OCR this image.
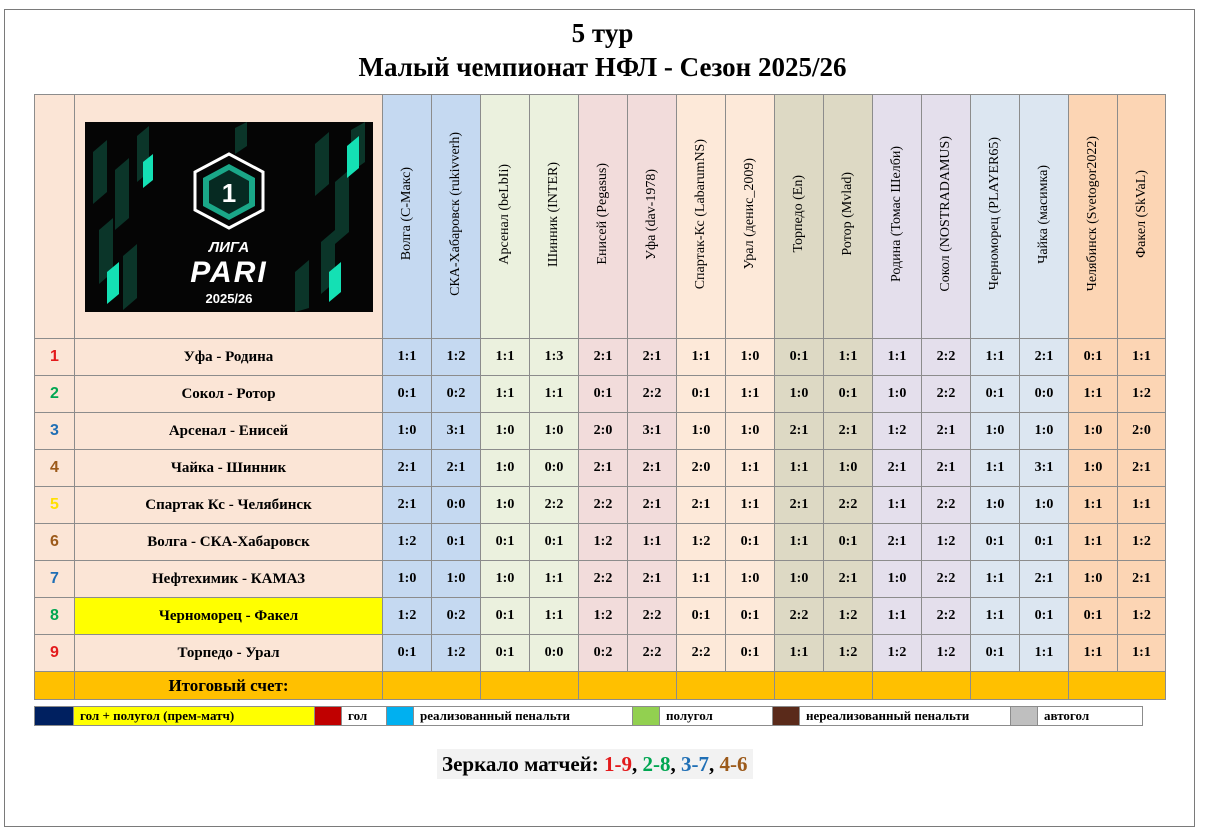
5 тур
Малый чемпионат НФЛ - Сезон 2025/26

1
ЛИГА
PARI
2025/26	Волга (С-Макс)	СКА-Хабаровск (rukivverh)	Арсенал (beLbIi)	Шинник (INTER)	Енисей (Pegasus)	Уфа (dav-1978)	Спартак-Кс (LabarumNS)	Урал (денис_2009)	Торпедо (En)	Ротор (Mvlad)	Родина (Томас Шелби)	Сокол (NOSTRADAMUS)	Черноморец (PLAYER65)	Чайка (масимка)	Челябинск (Svetogor2022)	Факел (SkVaL)
1	Уфа - Родина	1:1	1:2	1:1	1:3	2:1	2:1	1:1	1:0	0:1	1:1	1:1	2:2	1:1	2:1	0:1	1:1
2	Сокол - Ротор	0:1	0:2	1:1	1:1	0:1	2:2	0:1	1:1	1:0	0:1	1:0	2:2	0:1	0:0	1:1	1:2
3	Арсенал - Енисей	1:0	3:1	1:0	1:0	2:0	3:1	1:0	1:0	2:1	2:1	1:2	2:1	1:0	1:0	1:0	2:0
4	Чайка - Шинник	2:1	2:1	1:0	0:0	2:1	2:1	2:0	1:1	1:1	1:0	2:1	2:1	1:1	3:1	1:0	2:1
5	Спартак Кс - Челябинск	2:1	0:0	1:0	2:2	2:2	2:1	2:1	1:1	2:1	2:2	1:1	2:2	1:0	1:0	1:1	1:1
6	Волга - СКА-Хабаровск	1:2	0:1	0:1	0:1	1:2	1:1	1:2	0:1	1:1	0:1	2:1	1:2	0:1	0:1	1:1	1:2
7	Нефтехимик - КАМАЗ	1:0	1:0	1:0	1:1	2:2	2:1	1:1	1:0	1:0	2:1	1:0	2:2	1:1	2:1	1:0	2:1
8	Черноморец - Факел	1:2	0:2	0:1	1:1	1:2	2:2	0:1	0:1	2:2	1:2	1:1	2:2	1:1	0:1	0:1	1:2
9	Торпедо - Урал	0:1	1:2	0:1	0:0	0:2	2:2	2:2	0:1	1:1	1:2	1:2	1:2	0:1	1:1	1:1	1:1
	Итоговый счет:																
	гол + полугол (прем-матч)		гол		реализованный пенальти		полугол		нереализованный пенальти		автогол
Зеркало матчей: 1-9, 2-8, 3-7, 4-6
